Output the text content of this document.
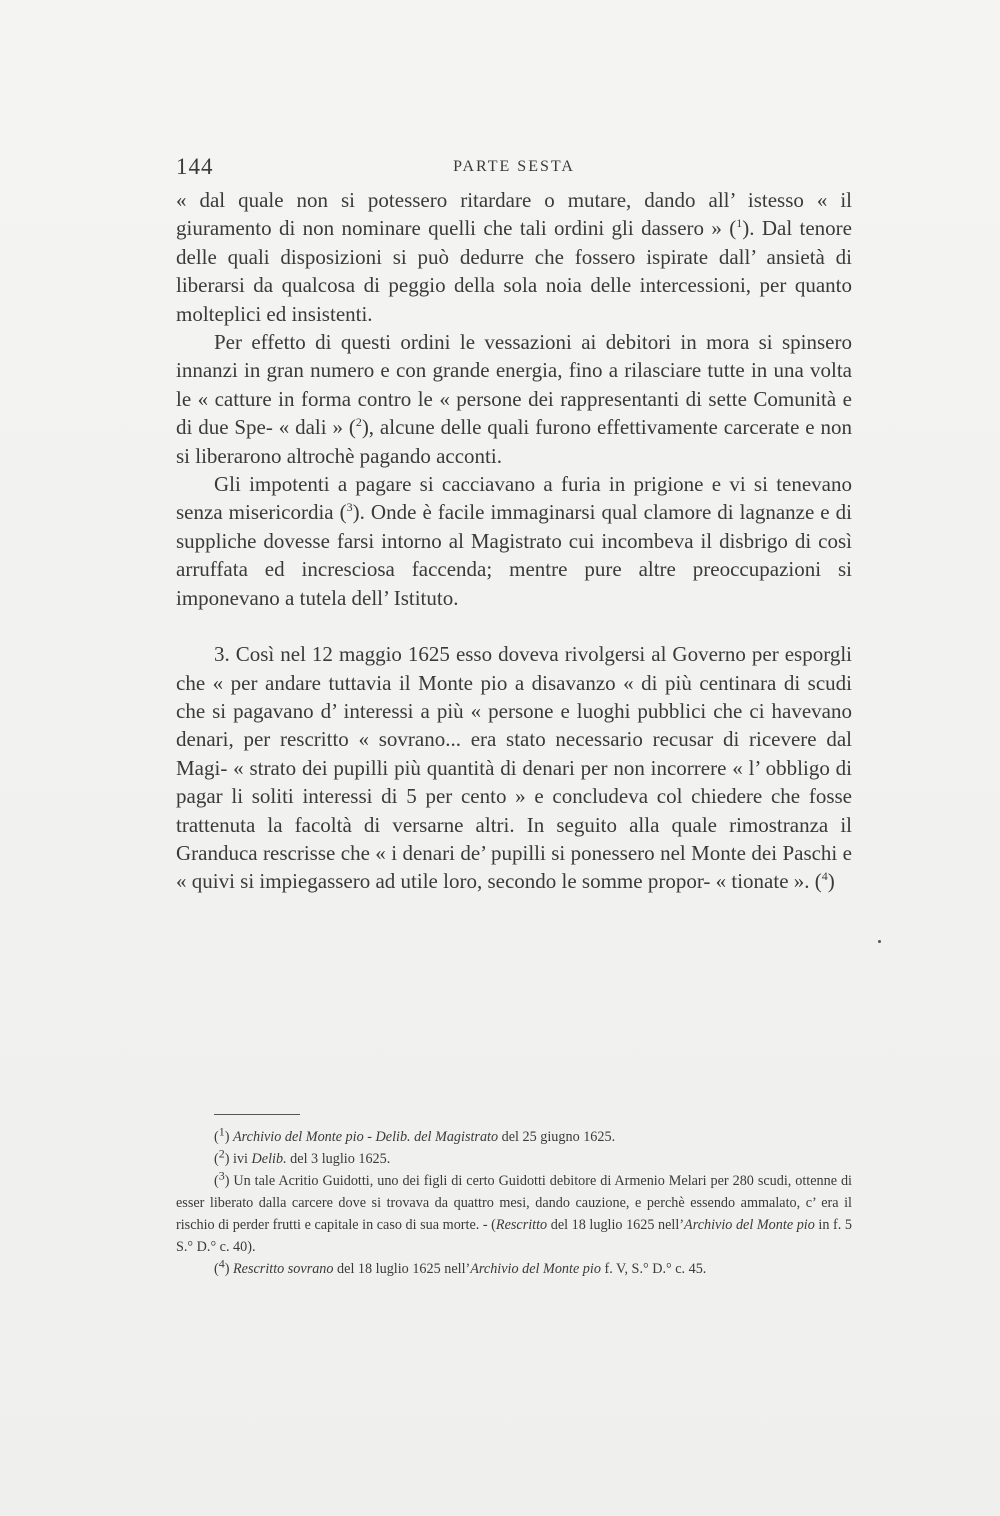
144	PARTE SESTA

« dal quale non si potessero ritardare o mutare, dando all’ istesso « il giuramento di non nominare quelli che tali ordini gli dassero » ($^1$). Dal tenore delle quali disposizioni si può dedurre che fossero ispirate dall’ ansietà di liberarsi da qualcosa di peggio della sola noia delle intercessioni, per quanto molteplici ed insistenti.

Per effetto di questi ordini le vessazioni ai debitori in mora si spinsero innanzi in gran numero e con grande energia, fino a rilasciare tutte in una volta le « catture in forma contro le « persone dei rappresentanti di sette Comunità e di due Spe- « dali » ($^2$), alcune delle quali furono effettivamente carcerate e non si liberarono altrochè pagando acconti.

Gli impotenti a pagare si cacciavano a furia in prigione e vi si tenevano senza misericordia ($^3$). Onde è facile immaginarsi qual clamore di lagnanze e di suppliche dovesse farsi intorno al Magistrato cui incombeva il disbrigo di così arruffata ed incresciosa faccenda; mentre pure altre preoccupazioni si imponevano a tutela dell’ Istituto.

3. Così nel 12 maggio 1625 esso doveva rivolgersi al Governo per esporgli che « per andare tuttavia il Monte pio a disavanzo « di più centinara di scudi che si pagavano d’ interessi a più « persone e luoghi pubblici che ci havevano denari, per rescritto « sovrano... era stato necessario recusar di ricevere dal Magi- « strato dei pupilli più quantità di denari per non incorrere « l’ obbligo di pagar li soliti interessi di 5 per cento » e concludeva col chiedere che fosse trattenuta la facoltà di versarne altri. In seguito alla quale rimostranza il Granduca rescrisse che « i denari de’ pupilli si ponessero nel Monte dei Paschi e « quivi si impiegassero ad utile loro, secondo le somme propor- « tionate ». ($^4$)

($^1$) Archivio del Monte pio - Delib. del Magistrato del 25 giugno 1625.

($^2$) ivi Delib. del 3 luglio 1625.

($^3$) Un tale Acritio Guidotti, uno dei figli di certo Guidotti debitore di Armenio Melari per 280 scudi, ottenne di esser liberato dalla carcere dove si trovava da quattro mesi, dando cauzione, e perchè essendo ammalato, c’ era il rischio di perder frutti e capitale in caso di sua morte. - (Rescritto del 18 luglio 1625 nell’Archivio del Monte pio in f. 5 S.° D.° c. 40).

($^4$) Rescritto sovrano del 18 luglio 1625 nell’Archivio del Monte pio f. V, S.° D.° c. 45.
